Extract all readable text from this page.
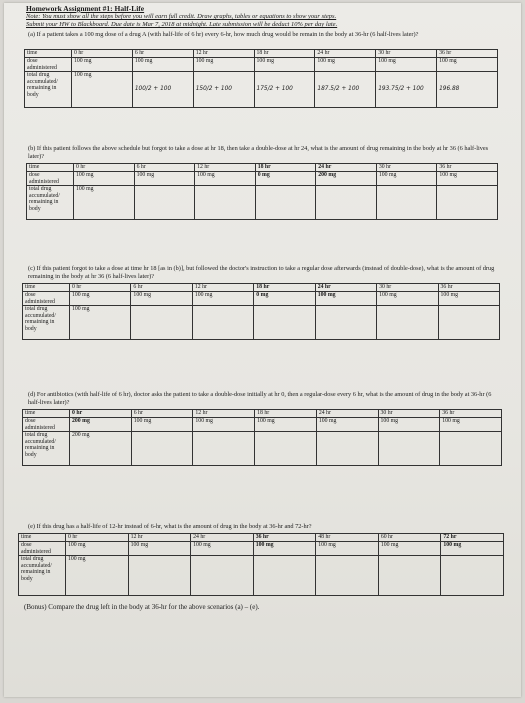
Homework Assignment #1: Half-Life
Note: You must show all the steps before you will earn full credit. Draw graphs, tables or equations to show your steps.
Submit your HW to Blackboard. Due date is Mar 7, 2018 at midnight. Late submission will be deduct 10% per day late.
(a) If a patient takes a 100 mg dose of a drug A (with half-life of 6 hr) every 6-hr, how much drug would be remain in the body at 36-hr (6 half-lives later)?
time	0 hr	6 hr	12 hr	18 hr	24 hr	30 hr	36 hr
dose administered	100 mg	100 mg	100 mg	100 mg	100 mg	100 mg	100 mg
total drug accumulated/ remaining in body	100 mg	100/2 + 100	150/2 + 100	175/2 + 100	187.5/2 + 100	193.75/2 + 100	196.88
(b) If this patient follows the above schedule but forgot to take a dose at hr 18, then take a double-dose at hr 24, what is the amount of drug remaining in the body at hr 36 (6 half-lives later)?
time	0 hr	6 hr	12 hr	18 hr	24 hr	30 hr	36 hr
dose administered	100 mg	100 mg	100 mg	0 mg	200 mg	100 mg	100 mg
total drug accumulated/ remaining in body	100 mg						
(c) If this patient forgot to take a dose at time hr 18 [as in (b)], but followed the doctor's instruction to take a regular dose afterwards (instead of double-dose), what is the amount of drug remaining in the body at hr 36 (6 half-lives later)?
time	0 hr	6 hr	12 hr	18 hr	24 hr	30 hr	36 hr
dose administered	100 mg	100 mg	100 mg	0 mg	100 mg	100 mg	100 mg
total drug accumulated/ remaining in body	100 mg						
(d) For antibiotics (with half-life of 6 hr), doctor asks the patient to take a double-dose initially at hr 0, then a regular-dose every 6 hr, what is the amount of drug in the body at 36-hr (6 half-lives later)?
time	0 hr	6 hr	12 hr	18 hr	24 hr	30 hr	36 hr
dose administered	200 mg	100 mg	100 mg	100 mg	100 mg	100 mg	100 mg
total drug accumulated/ remaining in body	200 mg						
(e) If this drug has a half-life of 12-hr instead of 6-hr, what is the amount of drug in the body at 36-hr and 72-hr?
time	0 hr	12 hr	24 hr	36 hr	48 hr	60 hr	72 hr
dose administered	100 mg	100 mg	100 mg	100 mg	100 mg	100 mg	100 mg
total drug accumulated/ remaining in body	100 mg						
(Bonus) Compare the drug left in the body at 36-hr for the above scenarios (a) – (e).
